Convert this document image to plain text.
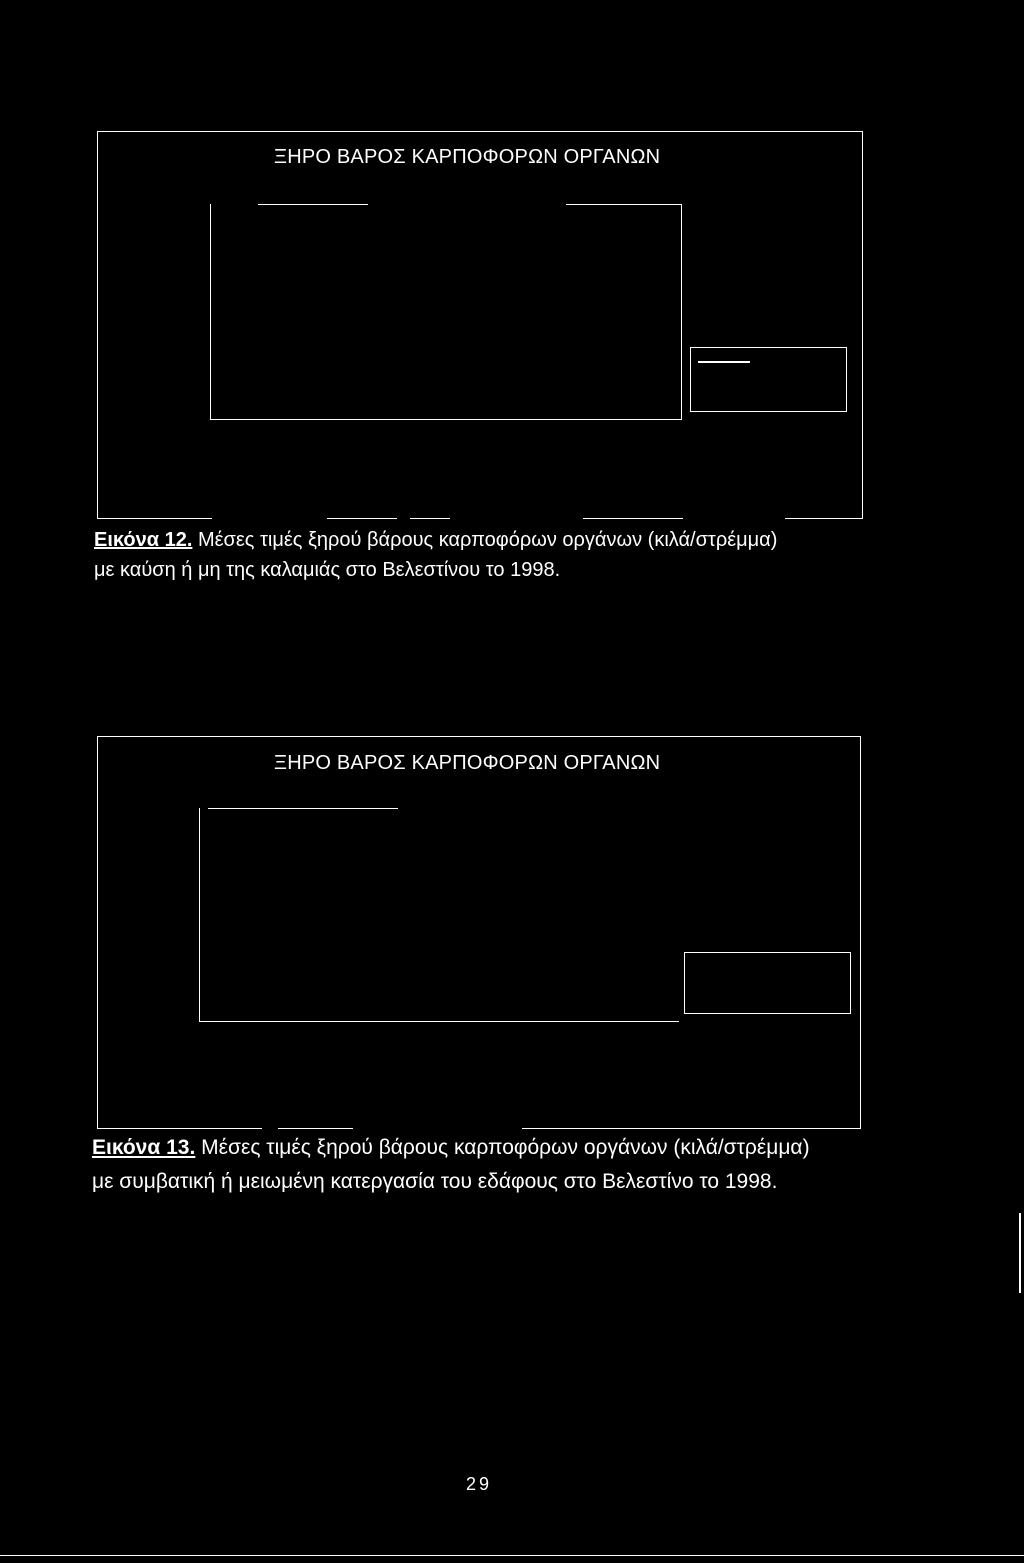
ΞΗΡΟ ΒΑΡΟΣ ΚΑΡΠΟΦΟΡΩΝ ΟΡΓΑΝΩΝ
Εικόνα 12. Μέσες τιμές ξηρού βάρους καρποφόρων οργάνων (κιλά/στρέμμα)
με καύση ή μη της καλαμιάς στο Βελεστίνου το 1998.
ΞΗΡΟ ΒΑΡΟΣ ΚΑΡΠΟΦΟΡΩΝ ΟΡΓΑΝΩΝ
Εικόνα 13. Μέσες τιμές ξηρού βάρους καρποφόρων οργάνων (κιλά/στρέμμα)
με συμβατική ή μειωμένη κατεργασία του εδάφους στο Βελεστίνο το 1998.
29
